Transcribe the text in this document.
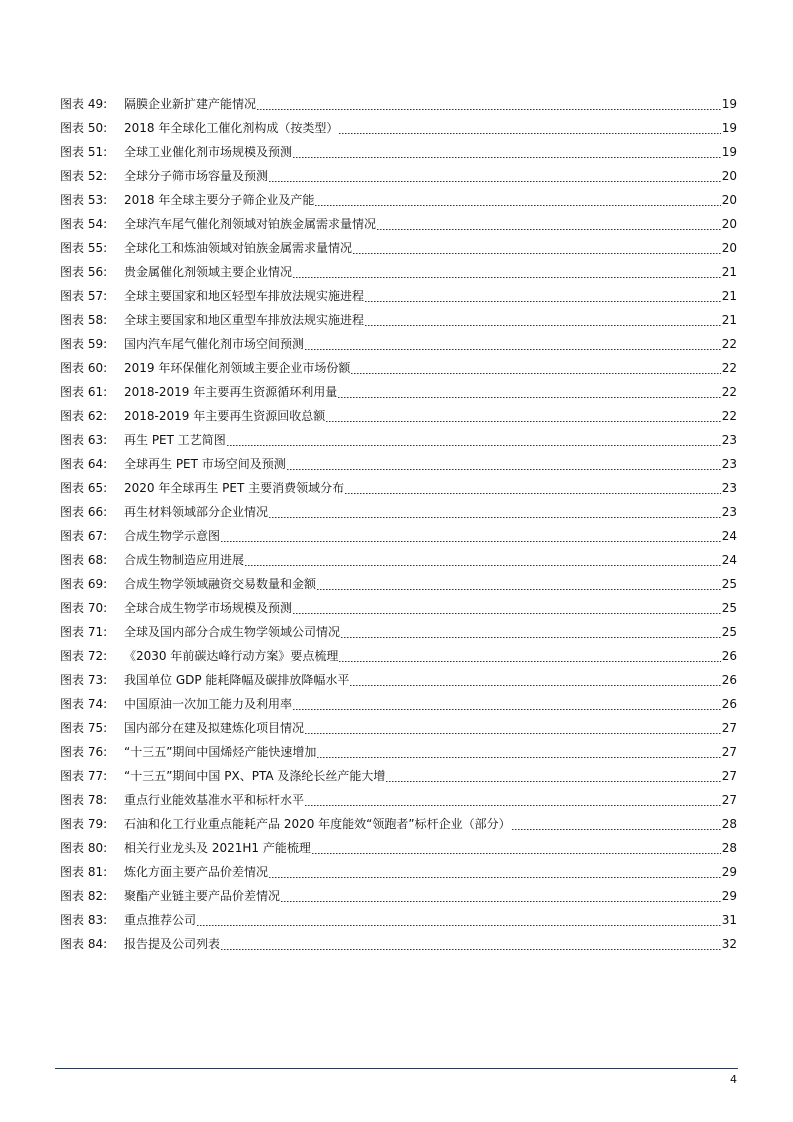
图表 49:	隔膜企业新扩建产能情况	19
图表 50:	2018 年全球化工催化剂构成（按类型）	19
图表 51:	全球工业催化剂市场规模及预测	19
图表 52:	全球分子筛市场容量及预测	20
图表 53:	2018 年全球主要分子筛企业及产能	20
图表 54:	全球汽车尾气催化剂领域对铂族金属需求量情况	20
图表 55:	全球化工和炼油领域对铂族金属需求量情况	20
图表 56:	贵金属催化剂领域主要企业情况	21
图表 57:	全球主要国家和地区轻型车排放法规实施进程	21
图表 58:	全球主要国家和地区重型车排放法规实施进程	21
图表 59:	国内汽车尾气催化剂市场空间预测	22
图表 60:	2019 年环保催化剂领域主要企业市场份额	22
图表 61:	2018-2019 年主要再生资源循环利用量	22
图表 62:	2018-2019 年主要再生资源回收总额	22
图表 63:	再生 PET 工艺简图	23
图表 64:	全球再生 PET 市场空间及预测	23
图表 65:	2020 年全球再生 PET 主要消费领域分布	23
图表 66:	再生材料领域部分企业情况	23
图表 67:	合成生物学示意图	24
图表 68:	合成生物制造应用进展	24
图表 69:	合成生物学领域融资交易数量和金额	25
图表 70:	全球合成生物学市场规模及预测	25
图表 71:	全球及国内部分合成生物学领域公司情况	25
图表 72:	《2030 年前碳达峰行动方案》要点梳理	26
图表 73:	我国单位 GDP 能耗降幅及碳排放降幅水平	26
图表 74:	中国原油一次加工能力及利用率	26
图表 75:	国内部分在建及拟建炼化项目情况	27
图表 76:	“十三五”期间中国烯烃产能快速增加	27
图表 77:	“十三五”期间中国 PX、PTA 及涤纶长丝产能大增	27
图表 78:	重点行业能效基准水平和标杆水平	27
图表 79:	石油和化工行业重点能耗产品 2020 年度能效“领跑者”标杆企业（部分）	28
图表 80:	相关行业龙头及 2021H1 产能梳理	28
图表 81:	炼化方面主要产品价差情况	29
图表 82:	聚酯产业链主要产品价差情况	29
图表 83:	重点推荐公司	31
图表 84:	报告提及公司列表	32
4
